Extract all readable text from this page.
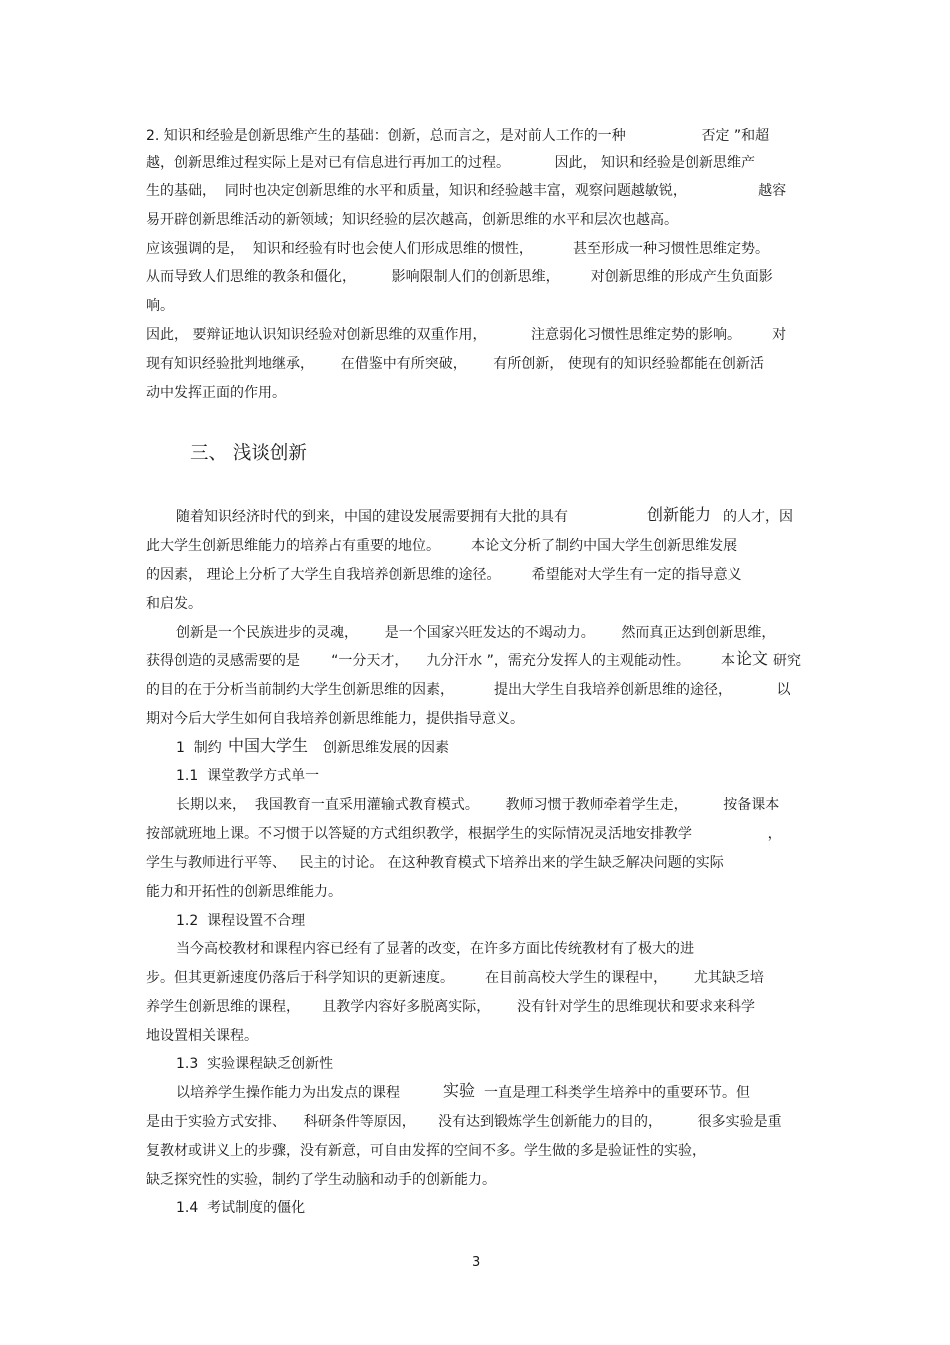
三、 浅谈创新
3
2. 知识和经验是创新思维产生的基础：创新，总而言之，是对前人工作的一种                 否定 ”和超
越，创新思维过程实际上是对已有信息进行再加工的过程。          因此， 知识和经验是创新思维产
生的基础，  同时也决定创新思维的水平和质量，知识和经验越丰富，观察问题越敏锐，                越容
易开辟创新思维活动的新领域；知识经验的层次越高，创新思维的水平和层次也越高。
应该强调的是，  知识和经验有时也会使人们形成思维的惯性，         甚至形成一种习惯性思维定势。
从而导致人们思维的教条和僵化，        影响限制人们的创新思维，       对创新思维的形成产生负面影
响。
因此， 要辩证地认识知识经验对创新思维的双重作用，          注意弱化习惯性思维定势的影响。       对
现有知识经验批判地继承，      在借鉴中有所突破，      有所创新， 使现有的知识经验都能在创新活
动中发挥正面的作用。
随着知识经济时代的到来，中国的建设发展需要拥有大批的具有	创新能力 的人才，因
此大学生创新思维能力的培养占有重要的地位。       本论文分析了制约中国大学生创新思维发展
的因素， 理论上分析了大学生自我培养创新思维的途径。       希望能对大学生有一定的指导意义
和启发。
创新是一个民族进步的灵魂，      是一个国家兴旺发达的不竭动力。      然而真正达到创新思维，
获得创造的灵感需要的是       “一分天才，    九分汗水 ”，需充分发挥人的主观能动性。       本 论文 研究
的目的在于分析当前制约大学生创新思维的因素，         提出大学生自我培养创新思维的途径，          以
期对今后大学生如何自我培养创新思维能力，提供指导意义。
1  制约 中国大学生 创新思维发展的因素
1.1  课堂教学方式单一
长期以来，  我国教育一直采用灌输式教育模式。      教师习惯于教师牵着学生走，        按备课本
按部就班地上课。不习惯于以答疑的方式组织教学，根据学生的实际情况灵活地安排教学                 ，
学生与教师进行平等、   民主的讨论。 在这种教育模式下培养出来的学生缺乏解决问题的实际
能力和开拓性的创新思维能力。
1.2  课程设置不合理
当今高校教材和课程内容已经有了显著的改变，在许多方面比传统教材有了极大的进
步。但其更新速度仍落后于科学知识的更新速度。       在目前高校大学生的课程中，      尤其缺乏培
养学生创新思维的课程，     且教学内容好多脱离实际，      没有针对学生的思维现状和要求来科学
地设置相关课程。
1.3  实验课程缺乏创新性
以培养学生操作能力为出发点的课程	实验 一直是理工科类学生培养中的重要环节。但
是由于实验方式安排、    科研条件等原因，     没有达到锻炼学生创新能力的目的，        很多实验是重
复教材或讲义上的步骤，没有新意，可自由发挥的空间不多。学生做的多是验证性的实验，
缺乏探究性的实验，制约了学生动脑和动手的创新能力。
1.4  考试制度的僵化
